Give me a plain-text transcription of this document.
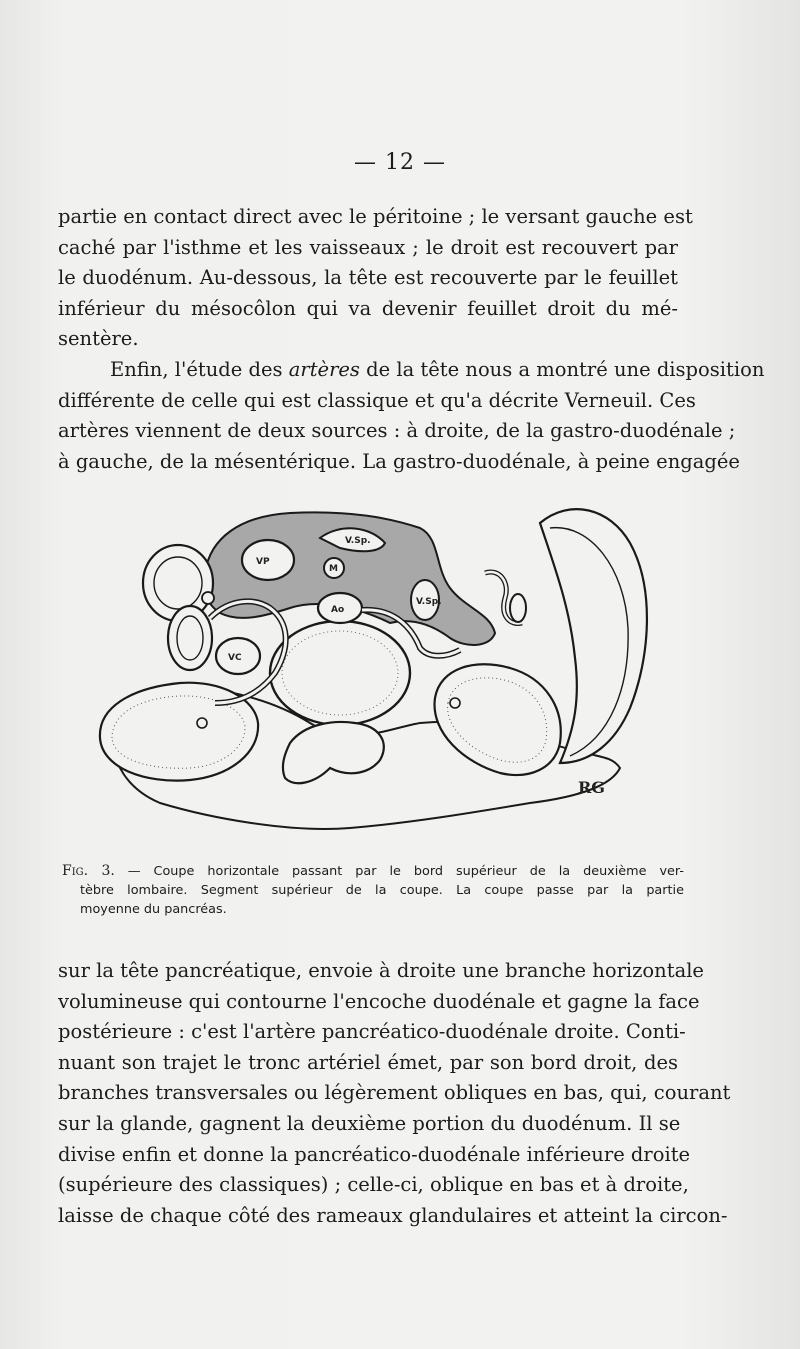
— 12 —
partie en contact direct avec le péritoine ; le versant gauche est
caché par l'isthme et les vaisseaux ; le droit est recouvert par
le duodénum. Au-dessous, la tête est recouverte par le feuillet
inférieur du mésocôlon qui va devenir feuillet droit du mé-
sentère.
Enfin, l'étude des artères de la tête nous a montré une disposition
différente de celle qui est classique et qu'a décrite Verneuil. Ces
artères viennent de deux sources : à droite, de la gastro-duodénale ;
à gauche, de la mésentérique. La gastro-duodénale, à peine engagée
Ao
VP
M
V.Sp.
V.Sp.
VC
RG
Fig. 3. — Coupe horizontale passant par le bord supérieur de la deuxième ver-
tèbre lombaire. Segment supérieur de la coupe. La coupe passe par la partie
moyenne du pancréas.
sur la tête pancréatique, envoie à droite une branche horizontale
volumineuse qui contourne l'encoche duodénale et gagne la face
postérieure : c'est l'artère pancréatico-duodénale droite. Conti-
nuant son trajet le tronc artériel émet, par son bord droit, des
branches transversales ou légèrement obliques en bas, qui, courant
sur la glande, gagnent la deuxième portion du duodénum. Il se
divise enfin et donne la pancréatico-duodénale inférieure droite
(supérieure des classiques) ; celle-ci, oblique en bas et à droite,
laisse de chaque côté des rameaux glandulaires et atteint la circon-
